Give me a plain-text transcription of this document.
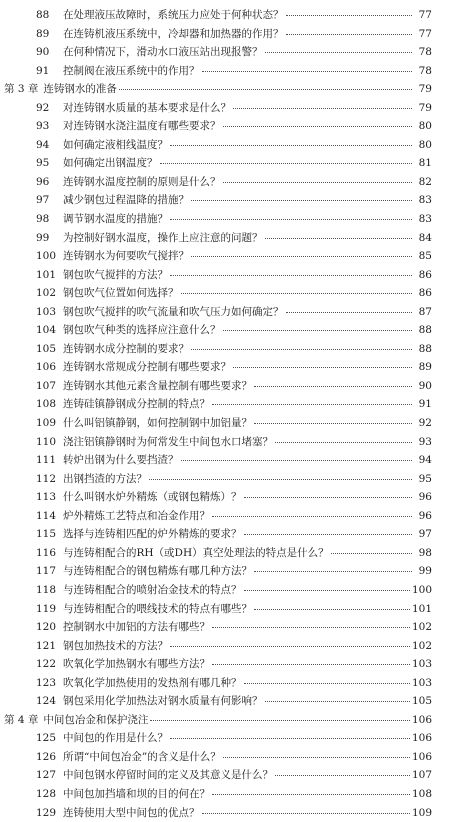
88	在处理液压故障时，系统压力应处于何种状态？	77
89	在连铸机液压系统中，冷却器和加热器的作用？	77
90	在何种情况下，滑动水口液压站出现报警？	78
91	控制阀在液压系统中的作用？	78
第 3 章 连铸钢水的准备	79
92	对连铸钢水质量的基本要求是什么？	79
93	对连铸钢水浇注温度有哪些要求？	80
94	如何确定液相线温度？	80
95	如何确定出钢温度？	81
96	连铸钢水温度控制的原则是什么？	82
97	减少钢包过程温降的措施？	83
98	调节钢水温度的措施？	83
99	为控制好钢水温度，操作上应注意的问题？	84
100 连铸钢水为何要吹气搅拌？	85
101 钢包吹气搅拌的方法？	86
102 钢包吹气位置如何选择？	86
103 钢包吹气搅拌的吹气流量和吹气压力如何确定？	87
104 钢包吹气种类的选择应注意什么？	88
105 连铸钢水成分控制的要求？	88
106 连铸钢水常规成分控制有哪些要求？	89
107 连铸钢水其他元素含量控制有哪些要求？	90
108 连铸硅镇静钢成分控制的特点？	91
109 什么叫铝镇静钢，如何控制钢中加铝量？	92
110 浇注铝镇静钢时为何常发生中间包水口堵塞？	93
111 转炉出钢为什么要挡渣？	94
112 出钢挡渣的方法？	95
113 什么叫钢水炉外精炼（或钢包精炼）？	96
114 炉外精炼工艺特点和冶金作用？	96
115 选择与连铸相匹配的炉外精炼的要求？	97
116 与连铸相配合的RH（或DH）真空处理法的特点是什么？	98
117 与连铸相配合的钢包精炼有哪几种方法？	99
118 与连铸相配合的喷射冶金技术的特点？	100
119 与连铸相配合的喂线技术的特点有哪些？	101
120 控制钢水中加铝的方法有哪些？	102
121 钢包加热技术的方法？	102
122 吹氧化学加热钢水有哪些方法？	103
123 吹氧化学加热使用的发热剂有哪几种？	103
124 钢包采用化学加热法对钢水质量有何影响？	105
第 4 章 中间包冶金和保护浇注	106
125 中间包的作用是什么？	106
126 所谓“中间包冶金”的含义是什么？	106
127 中间包钢水停留时间的定义及其意义是什么？	107
128 中间包加挡墙和坝的目的何在？	108
129 连铸使用大型中间包的优点？	109
